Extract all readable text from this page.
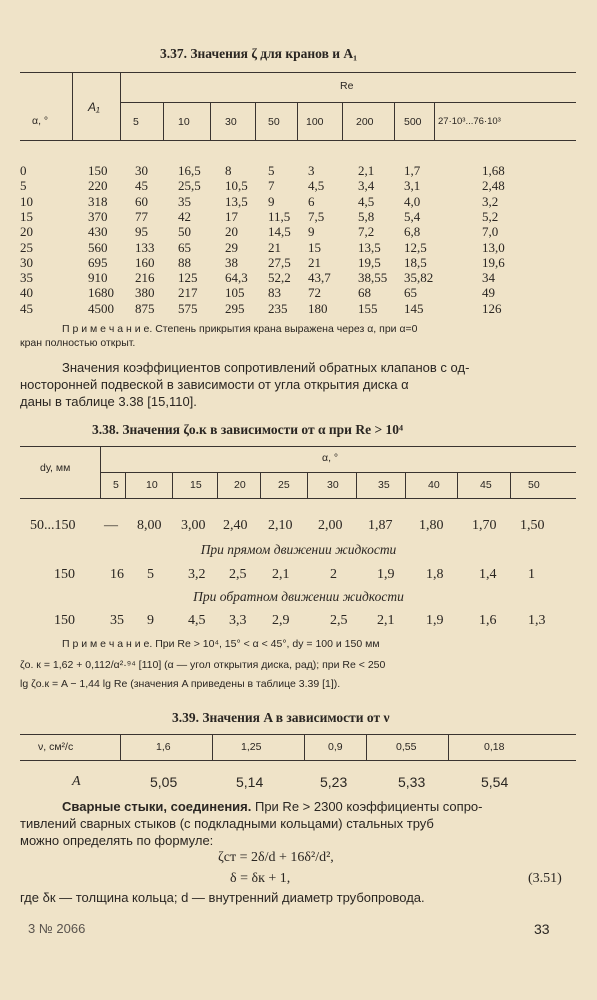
3.37. Значения ζ для кранов и A₁
α, °
A₁
Re
5	10	30	50	100	200	500 27·10³...76·10³
0	150 30 16,5 8	5	3	2,1 1,7	1,68
5	220 45 25,5 10,5 7	4,5	3,4 3,1	2,48
10	318 60 35	13,5 9	6	4,5 4,0	3,2
15	370 77 42	17 11,5 7,5	5,8 5,4	5,2
20	430 95 50	20 14,5 9	7,2 6,8	7,0
25	560 133 65	29 21 15	13,5 12,5	13,0
30	695 160 88	38 27,5 21	19,5 18,5	19,6
35	910 216 125 64,3 52,2 43,7 38,55 35,82	34
40	1680 380 217 105 83 72	68	65	49
45	4500 875 575 295 235 180 155 145	126
П р и м е ч а н и е. Степень прикрытия крана выражена через α, при α=0
кран полностью открыт.
Значения коэффициентов сопротивлений обратных клапанов с од-
носторонней подвеской в зависимости от угла открытия диска α
даны в таблице 3.38 [15,110].
3.38. Значения ζо.к в зависимости от α при Re > 10⁴
dу, мм
α, °
5	10	15	20	25	30	35	40	45	50
50...150 — 8,00 3,00 2,40 2,10 2,00 1,87 1,80 1,70 1,50
При прямом движении жидкости
150	16 5 3,2 2,5 2,1	2	1,9 1,8	1,4 1
При обратном движении жидкости
150	35 9 4,5 3,3 2,9	2,5 2,1 1,9	1,6 1,3
П р и м е ч а н и е. При Re > 10⁴, 15° < α < 45°, dу = 100 и 150 мм
ζо. к = 1,62 + 0,112/α²·⁹⁴ [110] (α — угол открытия диска, рад); при Re < 250
lg ζо.к = A − 1,44 lg Re (значения A приведены в таблице 3.39 [1]).
3.39. Значения A в зависимости от ν
ν, см²/с	1,6	1,25	0,9	0,55	0,18
A	5,05	5,14	5,23	5,33	5,54
Сварные стыки, соединения. При Re > 2300 коэффициенты сопро-
тивлений сварных стыков (с подкладными кольцами) стальных труб
можно определять по формуле:
ζст = 2δ/d + 16δ²/d²,
δ = δк + 1,	(3.51)
где δк — толщина кольца; d — внутренний диаметр трубопровода.
3 № 2066	33
